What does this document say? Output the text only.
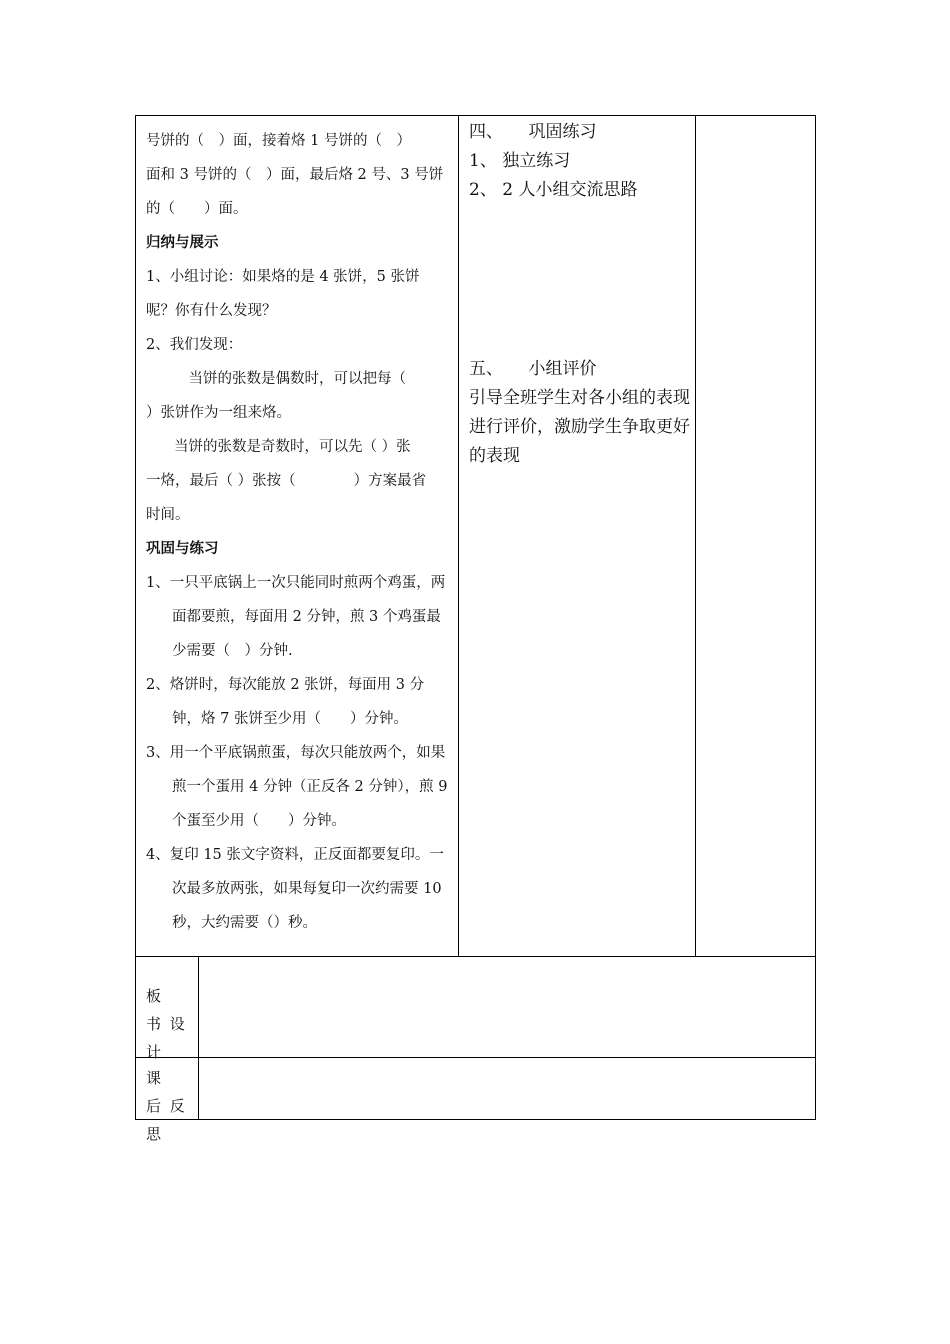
号饼的（　）面，接着烙 1 号饼的（　）

面和 3 号饼的（　）面，最后烙 2 号、3 号饼

的（　　）面。

归纳与展示

1、小组讨论：如果烙的是 4 张饼，5 张饼

呢？你有什么发现？

2、我们发现：

　当饼的张数是偶数时，可以把每（

）张饼作为一组来烙。

当饼的张数是奇数时，可以先（ ）张

一烙，最后（ ）张按（　　　　）方案最省

时间。

巩固与练习

1、一只平底锅上一次只能同时煎两个鸡蛋，两面都要煎，每面用 2 分钟，煎 3 个鸡蛋最少需要（　）分钟.

2、烙饼时，每次能放 2 张饼，每面用 3 分钟，烙 7 张饼至少用（　　）分钟。

3、用一个平底锅煎蛋，每次只能放两个，如果煎一个蛋用 4 分钟（正反各 2 分钟），煎 9 个蛋至少用（　　）分钟。

4、复印 15 张文字资料，正反面都要复印。一次最多放两张，如果每复印一次约需要 10 秒，大约需要（）秒。

四、　　巩固练习

1、 独立练习

2、 2 人小组交流思路

五、　　小组评价

引导全班学生对各小组的表现进行评价，激励学生争取更好的表现

板　书 设 计
课　后 反 思
